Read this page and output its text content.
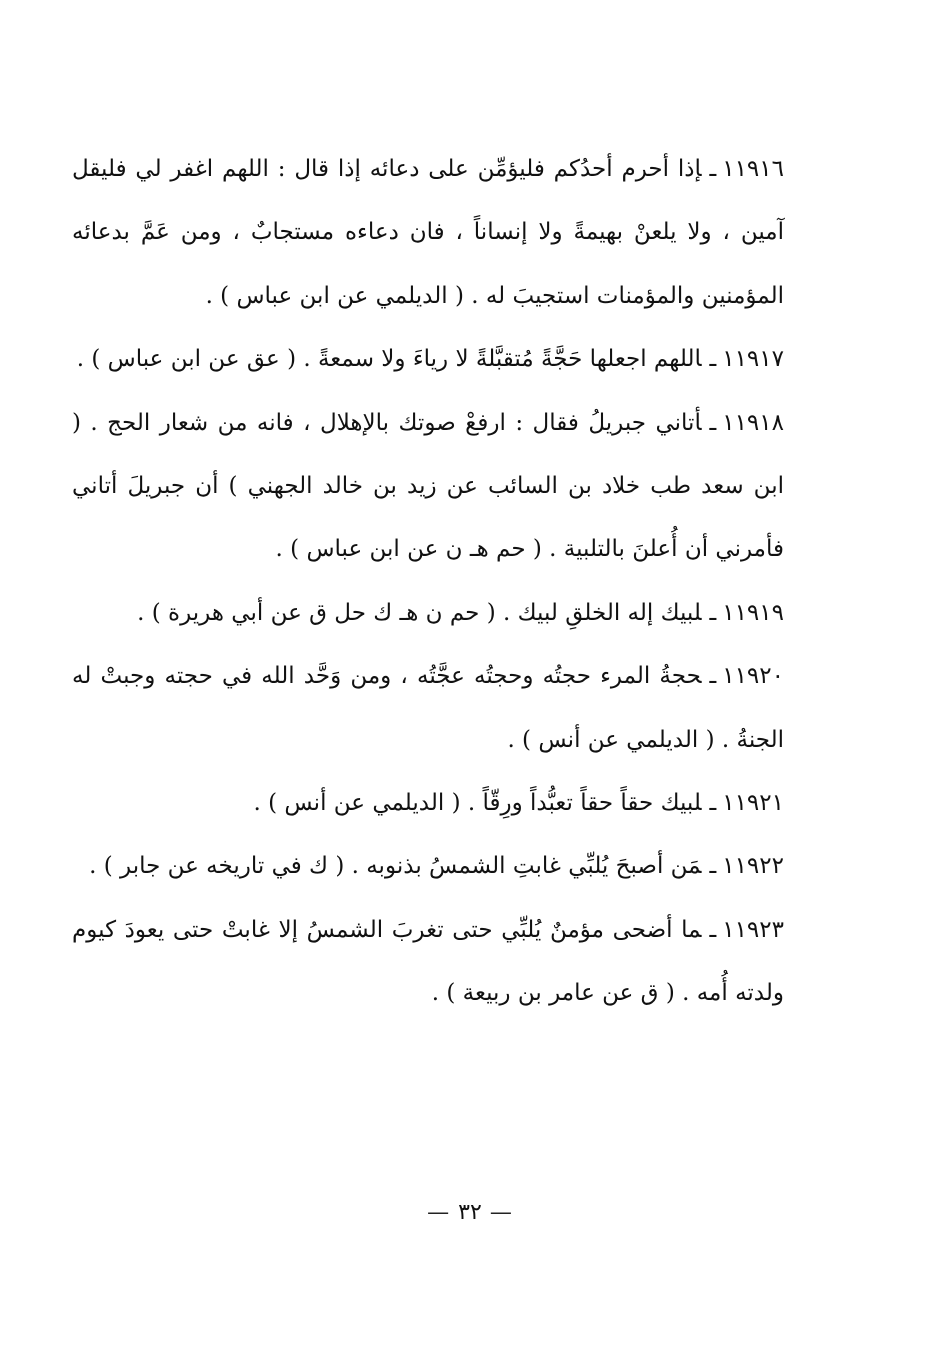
١١٩١٦ـإذا أحرم أحدُكم فليؤمِّن على دعائه إذا قال : اللهم اغفر لي فليقل آمين ، ولا يلعنْ بهيمةً ولا إنساناً ، فان دعاءه مستجابٌ ، ومن عَمَّ بدعائه المؤمنين والمؤمنات استجيبَ له . ( الديلمي عن ابن عباس ) .

١١٩١٧ـاللهم اجعلها حَجَّةً مُتقبَّلةً لا رياءَ ولا سمعةً . ( عق عن ابن عباس ) .

١١٩١٨ـأتاني جبريلُ فقال : ارفعْ صوتك بالإهلال ، فانه من شعار الحج . ( ابن سعد طب خلاد بن السائب عن زيد بن خالد الجهني ) أن جبريلَ أتاني فأمرني أن أُعلنَ بالتلبية . ( حم هـ ن عن ابن عباس ) .

١١٩١٩ـلبيك إله الخلقِ لبيك . ( حم ن هـ ك حل ق عن أبي هريرة ) .

١١٩٢٠ـحجةُ المرء حجتُه وحجتُه عجَّتُه ، ومن وَحَّد الله في حجته وجبتْ له الجنةُ . ( الديلمي عن أنس ) .

١١٩٢١ـلبيك حقاً حقاً تعبُّداً ورِقّاً . ( الديلمي عن أنس ) .

١١٩٢٢ـمَن أصبحَ يُلبِّي غابتِ الشمسُ بذنوبه . ( ك في تاريخه عن جابر ) .

١١٩٢٣ـما أضحى مؤمنٌ يُلبِّي حتى تغربَ الشمسُ إلا غابتْ حتى يعودَ كيوم ولدته أُمه . ( ق عن عامر بن ربيعة ) .

—٣٢—
